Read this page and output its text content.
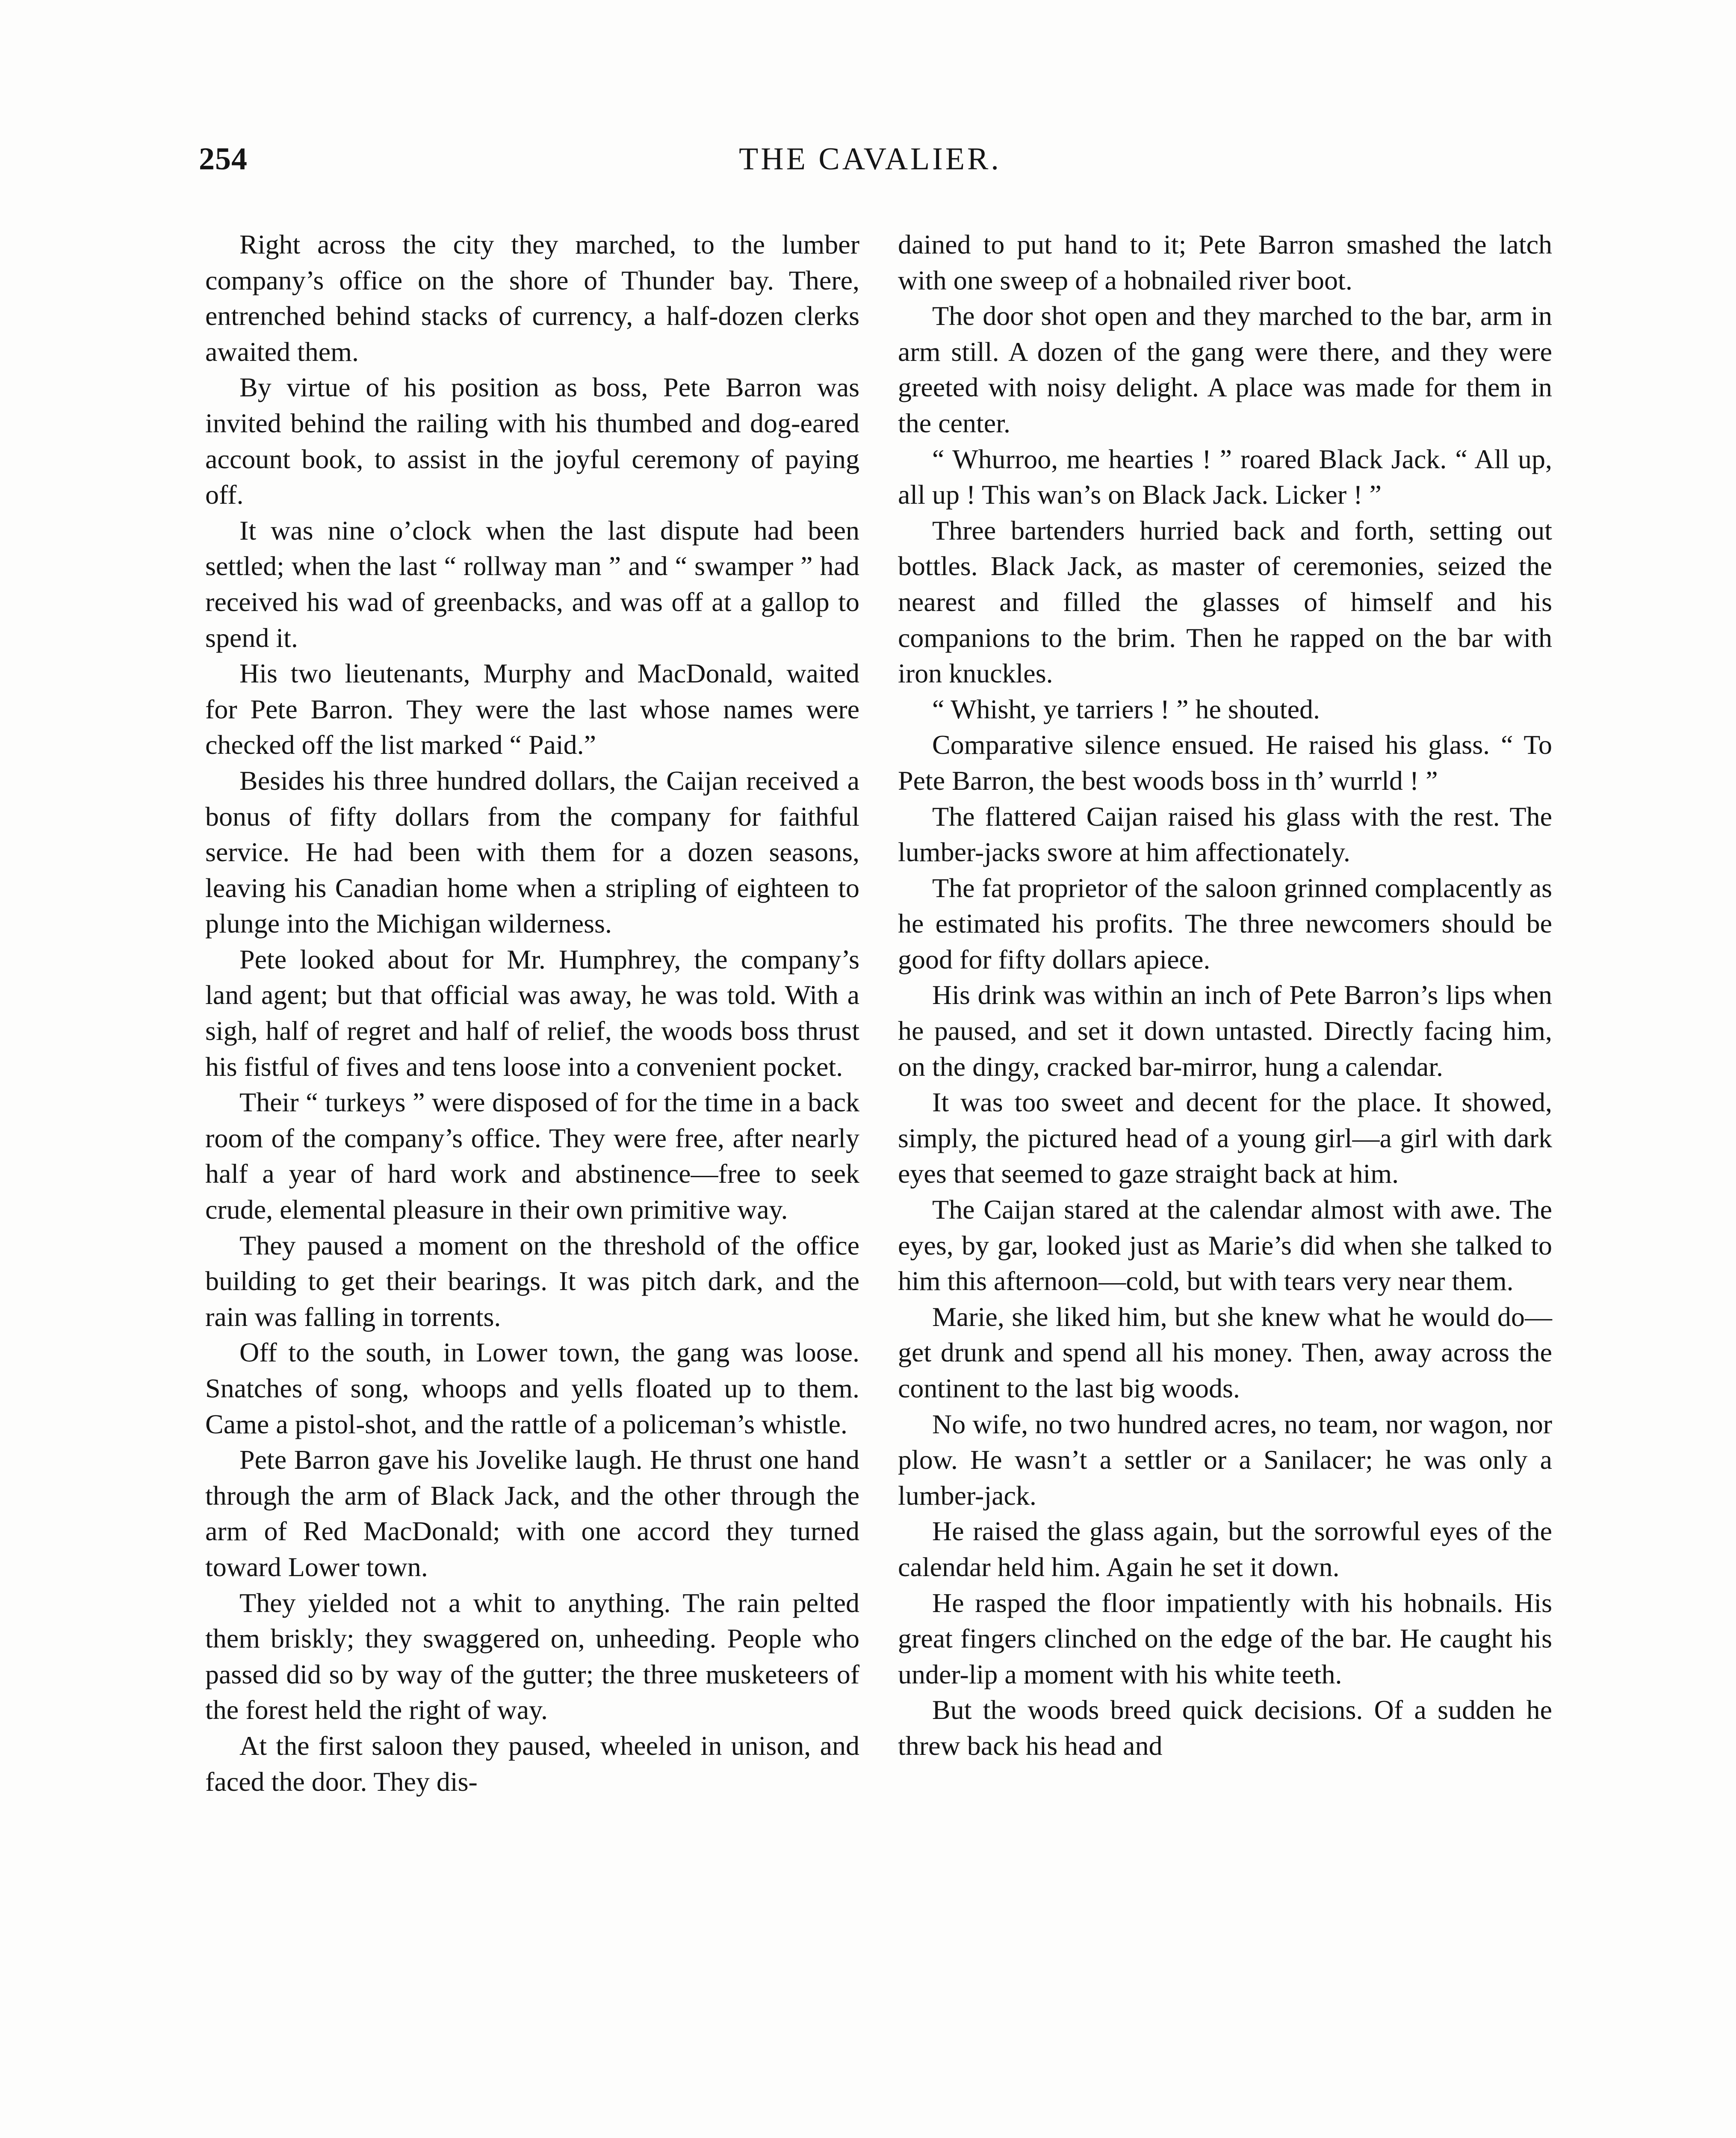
254	THE CAVALIER.

Right across the city they marched, to the lumber company’s office on the shore of Thunder bay. There, entrenched behind stacks of currency, a half-dozen clerks awaited them.

By virtue of his position as boss, Pete Barron was invited behind the railing with his thumbed and dog-eared account book, to assist in the joyful ceremony of paying off.

It was nine o’clock when the last dispute had been settled; when the last “ rollway man ” and “ swamper ” had received his wad of greenbacks, and was off at a gallop to spend it.

His two lieutenants, Murphy and MacDonald, waited for Pete Barron. They were the last whose names were checked off the list marked “ Paid.”

Besides his three hundred dollars, the Caijan received a bonus of fifty dollars from the company for faithful service. He had been with them for a dozen seasons, leaving his Canadian home when a stripling of eighteen to plunge into the Michigan wilderness.

Pete looked about for Mr. Humphrey, the company’s land agent; but that official was away, he was told. With a sigh, half of regret and half of relief, the woods boss thrust his fistful of fives and tens loose into a convenient pocket.

Their “ turkeys ” were disposed of for the time in a back room of the company’s office. They were free, after nearly half a year of hard work and abstinence—free to seek crude, elemental pleasure in their own primitive way.

They paused a moment on the threshold of the office building to get their bearings. It was pitch dark, and the rain was falling in torrents.

Off to the south, in Lower town, the gang was loose. Snatches of song, whoops and yells floated up to them. Came a pistol-shot, and the rattle of a policeman’s whistle.

Pete Barron gave his Jovelike laugh. He thrust one hand through the arm of Black Jack, and the other through the arm of Red MacDonald; with one accord they turned toward Lower town.

They yielded not a whit to anything. The rain pelted them briskly; they swaggered on, unheeding. People who passed did so by way of the gutter; the three musketeers of the forest held the right of way.

At the first saloon they paused, wheeled in unison, and faced the door. They dis-

dained to put hand to it; Pete Barron smashed the latch with one sweep of a hobnailed river boot.

The door shot open and they marched to the bar, arm in arm still. A dozen of the gang were there, and they were greeted with noisy delight. A place was made for them in the center.

“ Whurroo, me hearties ! ” roared Black Jack. “ All up, all up ! This wan’s on Black Jack. Licker ! ”

Three bartenders hurried back and forth, setting out bottles. Black Jack, as master of ceremonies, seized the nearest and filled the glasses of himself and his companions to the brim. Then he rapped on the bar with iron knuckles.

“ Whisht, ye tarriers ! ” he shouted.

Comparative silence ensued. He raised his glass. “ To Pete Barron, the best woods boss in th’ wurrld ! ”

The flattered Caijan raised his glass with the rest. The lumber-jacks swore at him affectionately.

The fat proprietor of the saloon grinned complacently as he estimated his profits. The three newcomers should be good for fifty dollars apiece.

His drink was within an inch of Pete Barron’s lips when he paused, and set it down untasted. Directly facing him, on the dingy, cracked bar-mirror, hung a calendar.

It was too sweet and decent for the place. It showed, simply, the pictured head of a young girl—a girl with dark eyes that seemed to gaze straight back at him.

The Caijan stared at the calendar almost with awe. The eyes, by gar, looked just as Marie’s did when she talked to him this afternoon—cold, but with tears very near them.

Marie, she liked him, but she knew what he would do—get drunk and spend all his money. Then, away across the continent to the last big woods.

No wife, no two hundred acres, no team, nor wagon, nor plow. He wasn’t a settler or a Sanilacer; he was only a lumber-jack.

He raised the glass again, but the sorrowful eyes of the calendar held him. Again he set it down.

He rasped the floor impatiently with his hobnails. His great fingers clinched on the edge of the bar. He caught his under-lip a moment with his white teeth.

But the woods breed quick decisions. Of a sudden he threw back his head and
